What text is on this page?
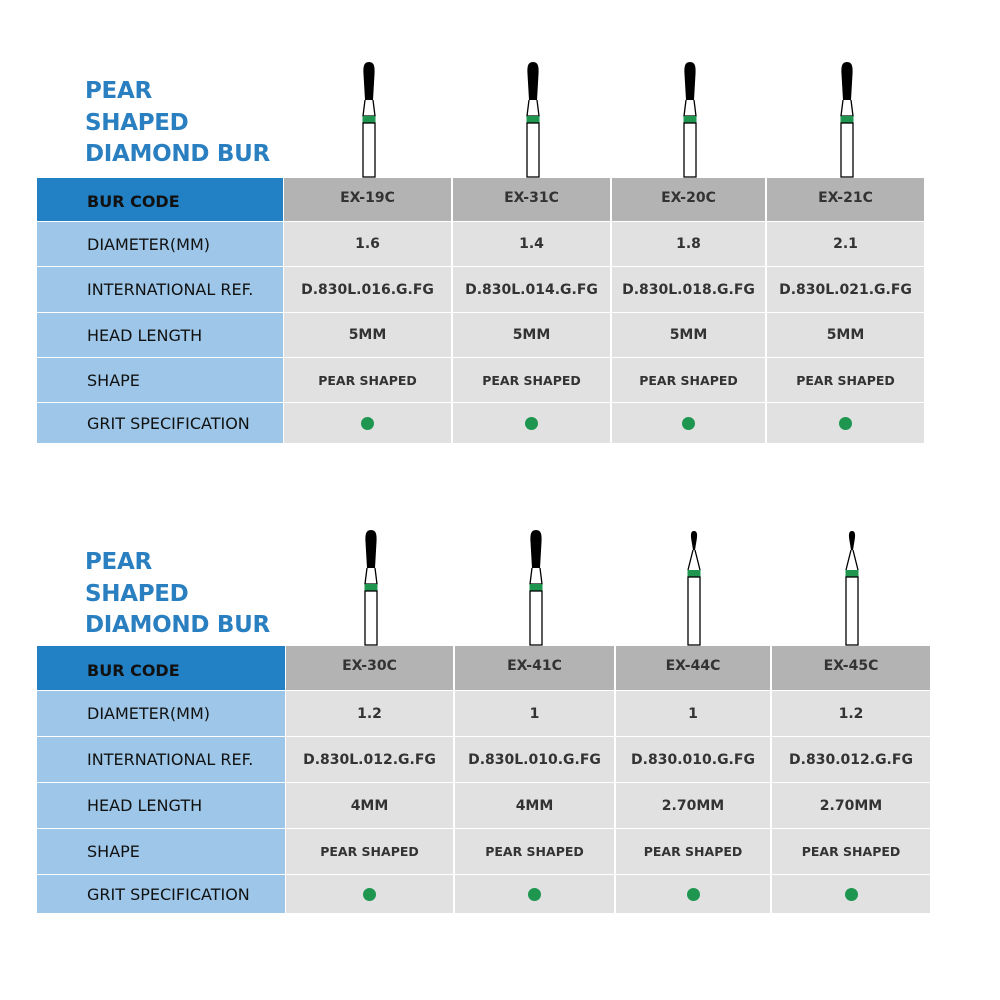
PEAR
SHAPED
DIAMOND BUR
BUR CODE	EX-19C	EX-31C	EX-20C	EX-21C
DIAMETER(MM)	1.6	1.4	1.8	2.1
INTERNATIONAL REF.	D.830L.016.G.FG	D.830L.014.G.FG	D.830L.018.G.FG	D.830L.021.G.FG
HEAD LENGTH	5MM	5MM	5MM	5MM
SHAPE	PEAR SHAPED	PEAR SHAPED	PEAR SHAPED	PEAR SHAPED
GRIT SPECIFICATION
PEAR
SHAPED
DIAMOND BUR
BUR CODE	EX-30C	EX-41C	EX-44C	EX-45C
DIAMETER(MM)	1.2	1	1	1.2
INTERNATIONAL REF.	D.830L.012.G.FG	D.830L.010.G.FG	D.830.010.G.FG	D.830.012.G.FG
HEAD LENGTH	4MM	4MM	2.70MM	2.70MM
SHAPE	PEAR SHAPED	PEAR SHAPED	PEAR SHAPED	PEAR SHAPED
GRIT SPECIFICATION
